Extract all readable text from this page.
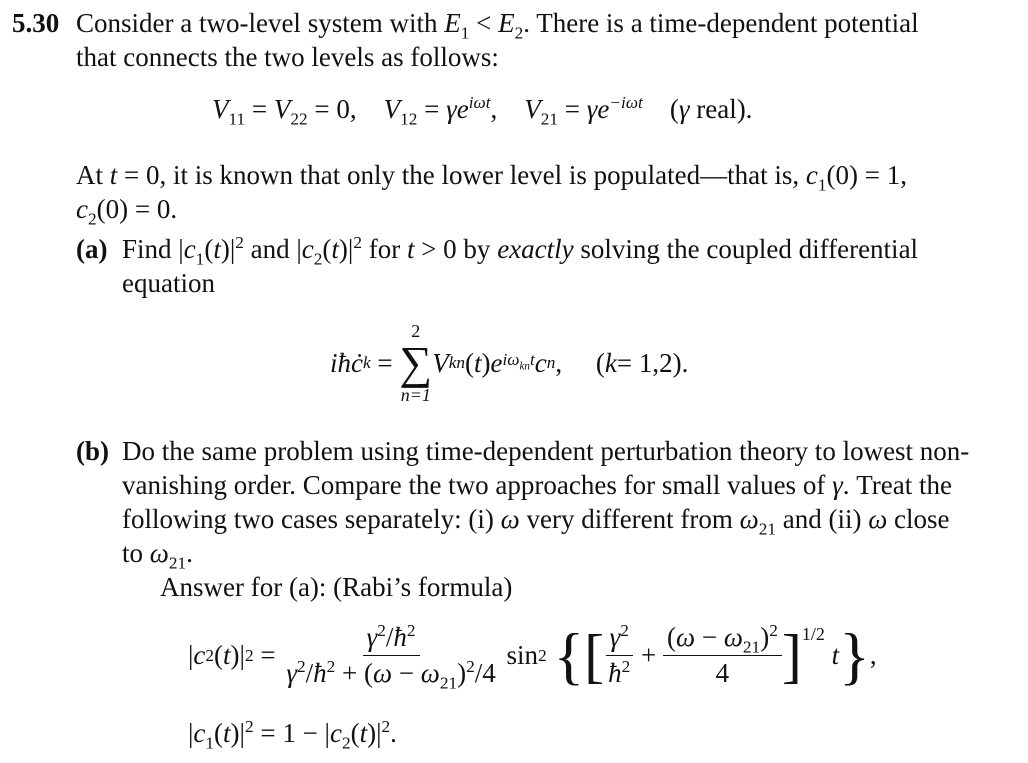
5.30 Consider a two-level system with $E_1 < E_2$. There is a time-dependent potential
that connects the two levels as follows:
$V_{11} = V_{22} = 0$,    $V_{12} = \gamma e^{i\omega t}$,    $V_{21} = \gamma e^{-i\omega t}$    (γ real).
At t = 0, it is known that only the lower level is populated—that is, $c_1(0) = 1$,
$c_2(0) = 0$.
(a) Find $|c_1(t)|^2$ and $|c_2(t)|^2$ for t > 0 by exactly solving the coupled differential
equation
iħċ k =
2
∑
n=1
V kn ( t ) e $i\omega_{kn}t$ c n ,     ( k = 1,2).
(b) Do the same problem using time-dependent perturbation theory to lowest non-
vanishing order. Compare the two approaches for small values of γ. Treat the
following two cases separately: (i) ω very different from $\omega_{21}$ and (ii) ω close
to $\omega_{21}$.
Answer for (a): (Rabi’s formula)
| c 2 ( t )| $2 = \frac{\gamma^2/ħ^2}{\gamma^2/ħ^2 + (\omega - \omega_{21})^2/4}$ sin 2
{ [ $\frac{\gamma^2}{ħ^2} + \frac{(\omega - \omega_{21})^2}{4} ]^{1/2}$

t } ,
$|c_1(t)|^2 = 1 - |c_2(t)|^2$.
